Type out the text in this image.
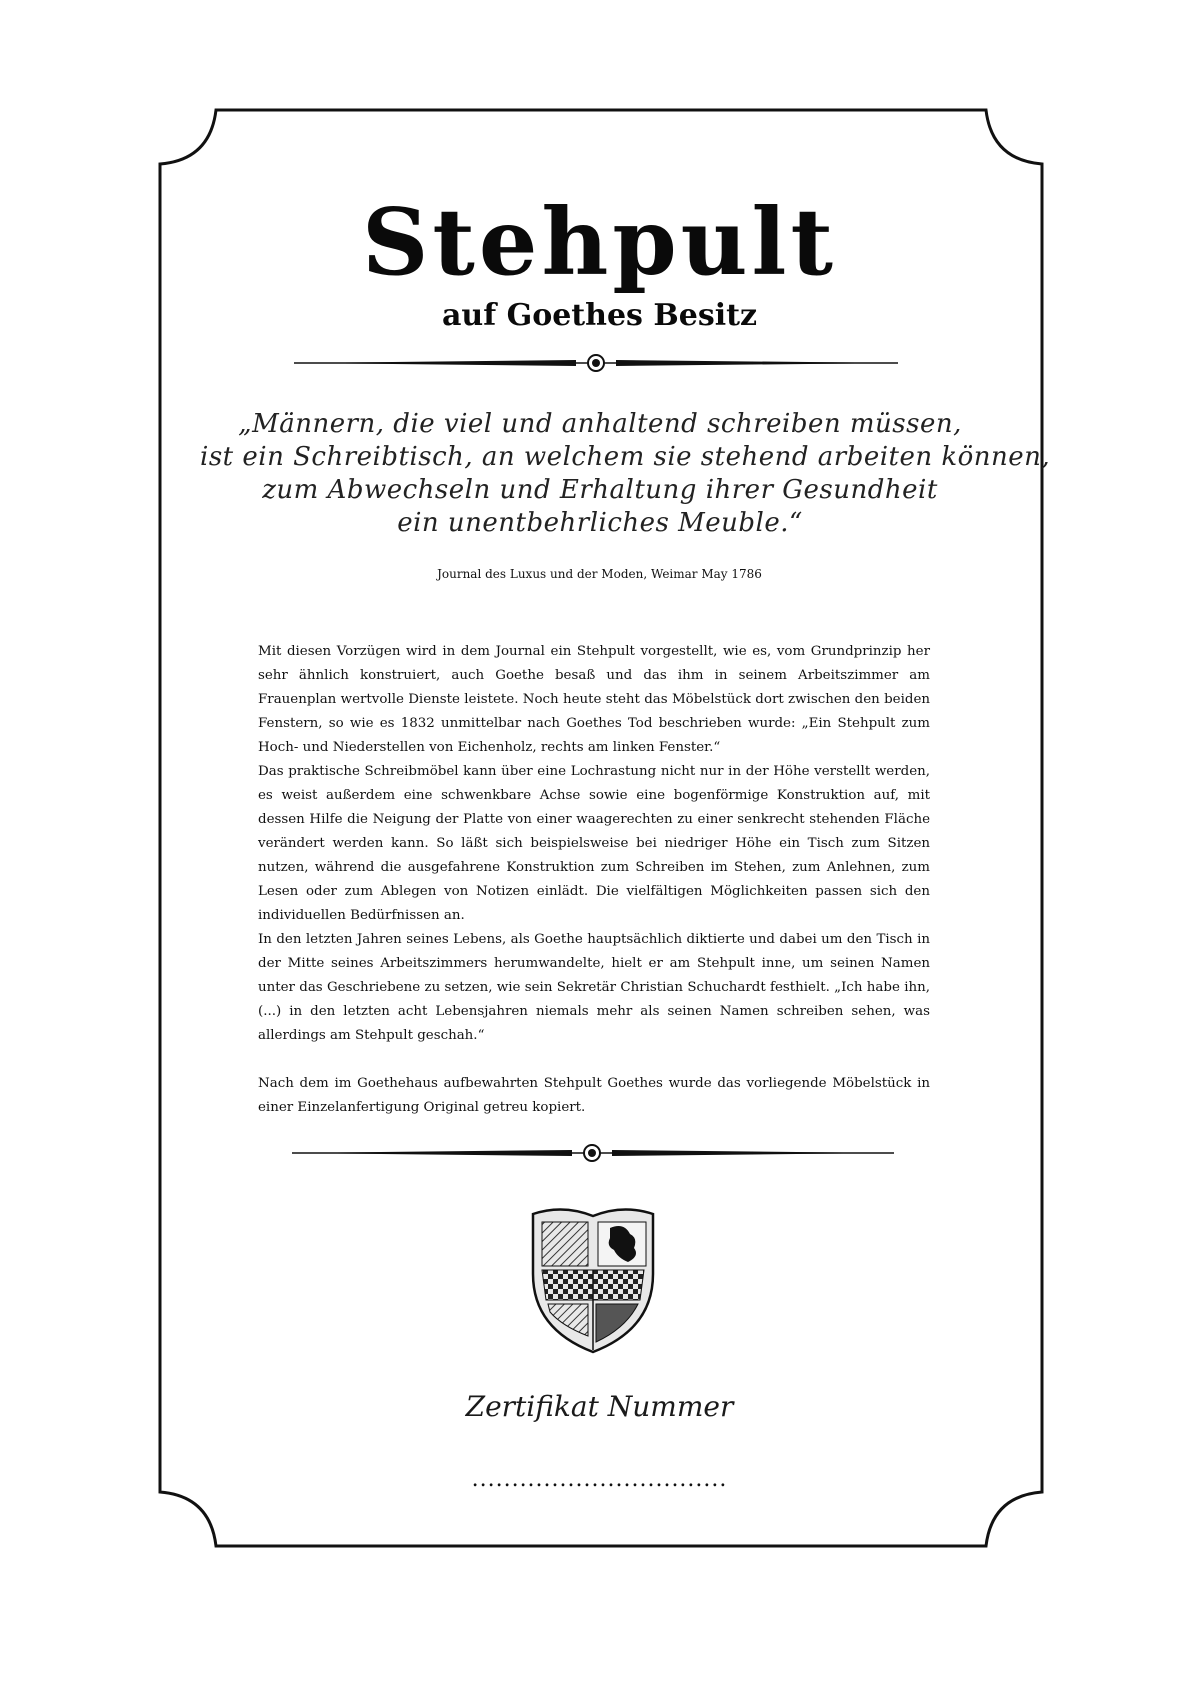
Stehpult
auf Goethes Besitz
„Männern, die viel und anhaltend schreiben müssen,
ist ein Schreibtisch, an welchem sie stehend arbeiten können,
zum Abwechseln und Erhaltung ihrer Gesundheit
ein unentbehrliches Meuble.“
Journal des Luxus und der Moden, Weimar May 1786

Mit diesen Vorzügen wird in dem Journal ein Stehpult vorgestellt, wie es, vom Grundprinzip her sehr ähnlich konstruiert, auch Goethe besaß und das ihm in seinem Arbeitszimmer am Frauenplan wertvolle Dienste leistete. Noch heute steht das Möbelstück dort zwischen den beiden Fenstern, so wie es 1832 unmittelbar nach Goethes Tod beschrieben wurde: „Ein Stehpult zum Hoch- und Niederstellen von Eichenholz, rechts am linken Fenster.“

Das praktische Schreibmöbel kann über eine Lochrastung nicht nur in der Höhe verstellt werden, es weist außerdem eine schwenkbare Achse sowie eine bogenförmige Konstruktion auf, mit dessen Hilfe die Neigung der Platte von einer waagerechten zu einer senkrecht stehenden Fläche verändert werden kann. So läßt sich beispielsweise bei niedriger Höhe ein Tisch zum Sitzen nutzen, während die ausgefahrene Konstruktion zum Schreiben im Stehen, zum Anlehnen, zum Lesen oder zum Ablegen von Notizen einlädt. Die vielfältigen Möglichkeiten passen sich den individuellen Bedürfnissen an.

In den letzten Jahren seines Lebens, als Goethe hauptsächlich diktierte und dabei um den Tisch in der Mitte seines Arbeitszimmers herumwandelte, hielt er am Stehpult inne, um seinen Namen unter das Geschriebene zu setzen, wie sein Sekretär Christian Schuchardt festhielt. „Ich habe ihn, (...) in den letzten acht Lebensjahren niemals mehr als seinen Namen schreiben sehen, was allerdings am Stehpult geschah.“

Nach dem im Goethehaus aufbewahrten Stehpult Goethes wurde das vorliegende Möbelstück in einer Einzelanfertigung Original getreu kopiert.

Zertifikat Nummer
................................
